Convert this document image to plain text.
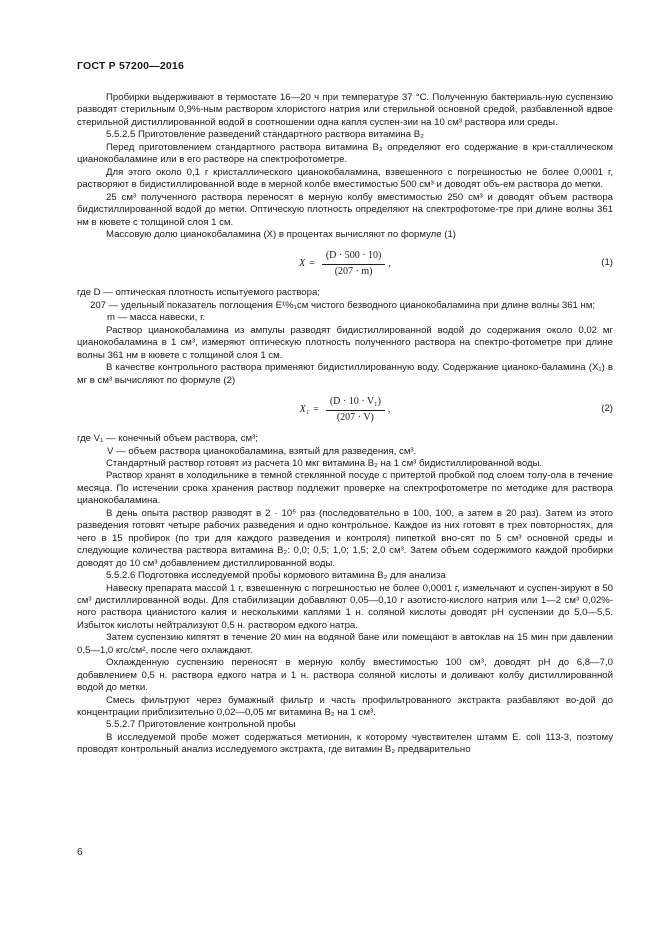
ГОСТ Р 57200—2016

Пробирки выдерживают в термостате 16—20 ч при температуре 37 °С. Полученную бактериаль-ную суспензию разводят стерильным 0,9%-ным раствором хлористого натрия или стерильной основной средой, разбавленной вдвое стерильной дистиллированной водой в соотношении одна капля суспен-зии на 10 см³ раствора или среды.

5.5.2.5 Приготовление разведений стандартного раствора витамина В₂

Перед приготовлением стандартного раствора витамина В₂ определяют его содержание в кри-сталлическом цианокобаламине или в его растворе на спектрофотометре.

Для этого около 0,1 г кристаллического цианокобаламина, взвешенного с погрешностью не более 0,0001 г, растворяют в бидистиллированной воде в мерной колбе вместимостью 500 см³ и доводят объ-ем раствора до метки.

25 см³ полученного раствора переносят в мерную колбу вместимостью 250 см³ и доводят объем раствора бидистиллированной водой до метки. Оптическую плотность определяют на спектрофотоме-тре при длине волны 361 нм в кювете с толщиной слоя 1 см.

Массовую долю цианокобаламина (X) в процентах вычисляют по формуле (1)

$X = \frac{(D \cdot 500 \cdot 10)}{(207 \cdot m)}$ ,	(1)

где D — оптическая плотность испытуемого раствора;

207 — удельный показатель поглощения E¹%₁см чистого безводного цианокобаламина при длине волны 361 нм;

m — масса навески, г.

Раствор цианокобаламина из ампулы разводят бидистиллированной водой до содержания около 0,02 мг цианокобаламина в 1 см³, измеряют оптическую плотность полученного раствора на спектро-фотометре при длине волны 361 нм в кювете с толщиной слоя 1 см.

В качестве контрольного раствора применяют бидистиллированную воду. Содержание цианоко-баламина (X₁) в мг в см³ вычисляют по формуле (2)

$X_1 = \frac{\text{(D · 10 · V₁)}}{(207 \cdot V)}$ ,	(2)

где V₁ — конечный объем раствора, см³;

V — объем раствора цианокобаламина, взятый для разведения, см³.

Стандартный раствор готовят из расчета 10 мкг витамина В₂ на 1 см³ бидистиллированной воды.

Раствор хранят в холодильнике в темной стеклянной посуде с притертой пробкой под слоем толу-ола в течение месяца. По истечении срока хранения раствор подлежит проверке на спектрофотометре по методике для раствора цианокобаламина.

В день опыта раствор разводят в 2 · 10⁵ раз (последовательно в 100, 100, а затем в 20 раз). Затем из этого разведения готовят четыре рабочих разведения и одно контрольное. Каждое из них готовят в трех повторностях, для чего в 15 пробирок (по три для каждого разведения и контроля) пипеткой вно-сят по 5 см³ основной среды и следующие количества раствора витамина В₂: 0,0; 0,5; 1,0; 1,5; 2,0 см³. Затем объем содержимого каждой пробирки доводят до 10 см³ добавлением дистиллированной воды.

5.5.2.6 Подготовка исследуемой пробы кормового витамина В₂ для анализа

Навеску препарата массой 1 г, взвешенную с погрешностью не более 0,0001 г, измельчают и суспен-зируют в 50 см³ дистиллированной воды. Для стабилизации добавляют 0,05—0,10 г азотисто-кислого натрия или 1—2 см³ 0,02%-ного раствора цианистого калия и несколькими каплями 1 н. соляной кислоты доводят рН суспензии до 5,0—5,5. Избыток кислоты нейтрализуют 0,5 н. раствором едкого натра.

Затем суспензию кипятят в течение 20 мин на водяной бане или помещают в автоклав на 15 мин при давлении 0,5—1,0 кгс/см², после чего охлаждают.

Охлажденную суспензию переносят в мерную колбу вместимостью 100 см³, доводят рН до 6,8—7,0 добавлением 0,5 н. раствора едкого натра и 1 н. раствора соляной кислоты и доливают колбу дистиллированной водой до метки.

Смесь фильтруют через бумажный фильтр и часть профильтрованного экстракта разбавляют во-дой до концентрации приблизительно 0,02—0,05 мг витамина В₂ на 1 см³.

5.5.2.7 Приготовление контрольной пробы

В исследуемой пробе может содержаться метионин, к которому чувствителен штамм E. coli 113-3, поэтому проводят контрольный анализ исследуемого экстракта, где витамин В₂ предварительно

6
